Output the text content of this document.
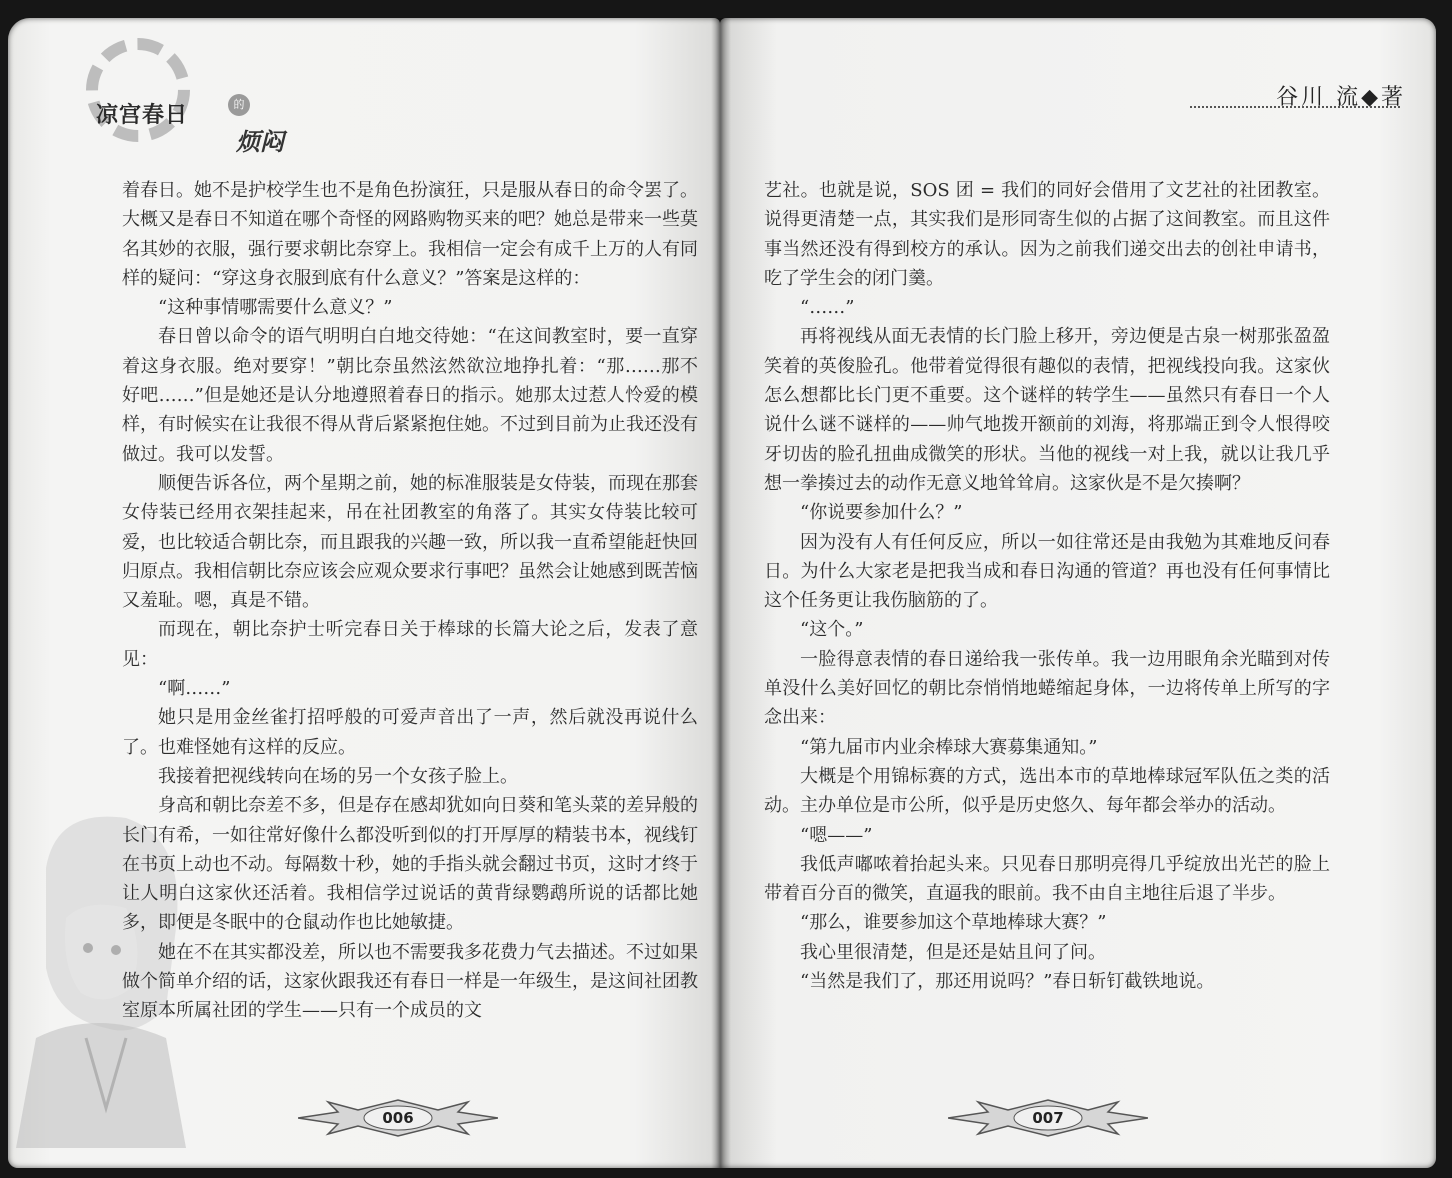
凉宫春日	的
烦闷

着春日。她不是护校学生也不是角色扮演狂，只是服从春日的命令罢了。大概又是春日不知道在哪个奇怪的网路购物买来的吧？她总是带来一些莫名其妙的衣服，强行要求朝比奈穿上。我相信一定会有成千上万的人有同样的疑问：“穿这身衣服到底有什么意义？”答案是这样的：

“这种事情哪需要什么意义？”

春日曾以命令的语气明明白白地交待她：“在这间教室时，要一直穿着这身衣服。绝对要穿！”朝比奈虽然泫然欲泣地挣扎着：“那……那不好吧……”但是她还是认分地遵照着春日的指示。她那太过惹人怜爱的模样，有时候实在让我很不得从背后紧紧抱住她。不过到目前为止我还没有做过。我可以发誓。

顺便告诉各位，两个星期之前，她的标准服装是女侍装，而现在那套女侍装已经用衣架挂起来，吊在社团教室的角落了。其实女侍装比较可爱，也比较适合朝比奈，而且跟我的兴趣一致，所以我一直希望能赶快回归原点。我相信朝比奈应该会应观众要求行事吧？虽然会让她感到既苦恼又羞耻。嗯，真是不错。

而现在，朝比奈护士听完春日关于棒球的长篇大论之后，发表了意见：

“啊……”

她只是用金丝雀打招呼般的可爱声音出了一声，然后就没再说什么了。也难怪她有这样的反应。

我接着把视线转向在场的另一个女孩子脸上。

身高和朝比奈差不多，但是存在感却犹如向日葵和笔头菜的差异般的长门有希，一如往常好像什么都没听到似的打开厚厚的精装书本，视线钉在书页上动也不动。每隔数十秒，她的手指头就会翻过书页，这时才终于让人明白这家伙还活着。我相信学过说话的黄背绿鹦鹉所说的话都比她多，即便是冬眠中的仓鼠动作也比她敏捷。

她在不在其实都没差，所以也不需要我多花费力气去描述。不过如果做个简单介绍的话，这家伙跟我还有春日一样是一年级生，是这间社团教室原本所属社团的学生——只有一个成员的文

006
谷川 流◆著

艺社。也就是说，SOS 团 = 我们的同好会借用了文艺社的社团教室。说得更清楚一点，其实我们是形同寄生似的占据了这间教室。而且这件事当然还没有得到校方的承认。因为之前我们递交出去的创社申请书，吃了学生会的闭门羹。

“……”

再将视线从面无表情的长门脸上移开，旁边便是古泉一树那张盈盈笑着的英俊脸孔。他带着觉得很有趣似的表情，把视线投向我。这家伙怎么想都比长门更不重要。这个谜样的转学生——虽然只有春日一个人说什么谜不谜样的——帅气地拨开额前的刘海，将那端正到令人恨得咬牙切齿的脸孔扭曲成微笑的形状。当他的视线一对上我，就以让我几乎想一拳揍过去的动作无意义地耸耸肩。这家伙是不是欠揍啊？

“你说要参加什么？”

因为没有人有任何反应，所以一如往常还是由我勉为其难地反问春日。为什么大家老是把我当成和春日沟通的管道？再也没有任何事情比这个任务更让我伤脑筋的了。

“这个。”

一脸得意表情的春日递给我一张传单。我一边用眼角余光瞄到对传单没什么美好回忆的朝比奈悄悄地蜷缩起身体，一边将传单上所写的字念出来：

“第九届市内业余棒球大赛募集通知。”

大概是个用锦标赛的方式，选出本市的草地棒球冠军队伍之类的活动。主办单位是市公所，似乎是历史悠久、每年都会举办的活动。

“嗯——”

我低声嘟哝着抬起头来。只见春日那明亮得几乎绽放出光芒的脸上带着百分百的微笑，直逼我的眼前。我不由自主地往后退了半步。

“那么，谁要参加这个草地棒球大赛？”

我心里很清楚，但是还是姑且问了问。

“当然是我们了，那还用说吗？”春日斩钉截铁地说。

007
